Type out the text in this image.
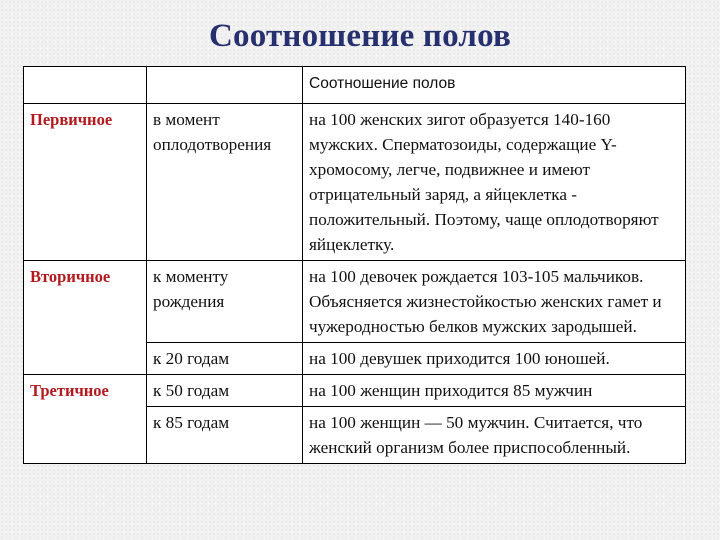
Соотношение полов
		Соотношение полов
Первичное	в момент оплодотворения	на 100 женских зигот образуется 140-160 мужских. Сперматозоиды, содержащие Y-хромосому, легче, подвижнее и имеют отрицательный заряд, а яйцеклетка - положительный. Поэтому, чаще оплодотворяют яйцеклетку.
Вторичное	к моменту рождения	на 100 девочек рождается 103-105 мальчиков. Объясняется жизнестойкостью женских гамет и чужеродностью белков мужских зародышей.
	к 20 годам	на 100 девушек приходится 100 юношей.
Третичное	к 50 годам	на 100 женщин приходится 85 мужчин
	к 85 годам	на 100 женщин — 50 мужчин. Считается, что женский организм более приспособленный.
